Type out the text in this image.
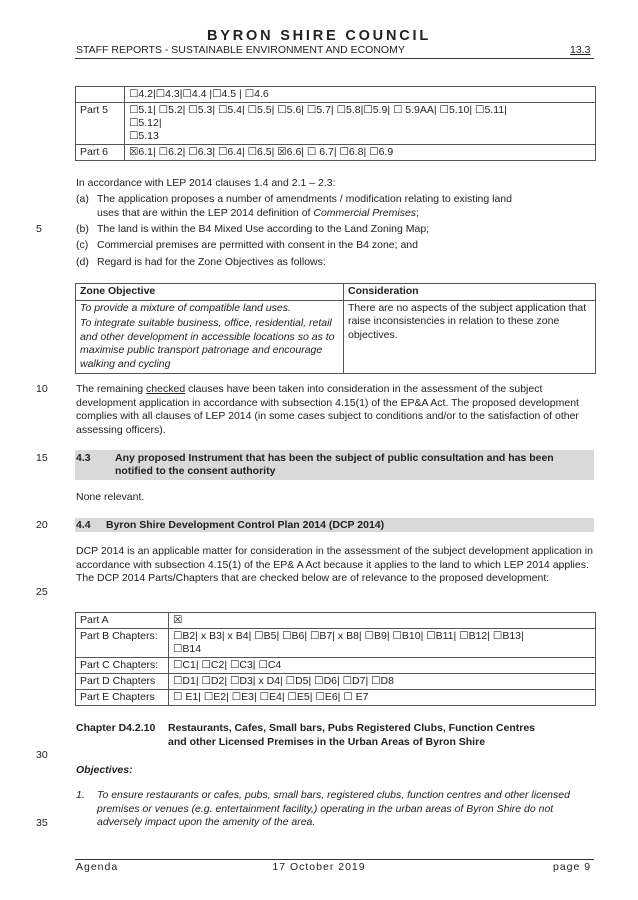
BYRON SHIRE COUNCIL
STAFF REPORTS - SUSTAINABLE ENVIRONMENT AND ECONOMY	13.3

	☐4.2|☐4.3|☐4.4 |☐4.5 | ☐4.6

Part 5	☐5.1| ☐5.2| ☐5.3| ☐5.4| ☐5.5| ☐5.6| ☐5.7| ☐5.8|☐5.9| ☐ 5.9AA| ☐5.10| ☐5.11|
☐5.12|
☐5.13

Part 6	☒6.1| ☐6.2| ☐6.3| ☐6.4| ☐6.5| ☒6.6| ☐ 6.7| ☐6.8| ☐6.9
In accordance with LEP 2014 clauses 1.4 and 2.1 – 2.3:
(a) The application proposes a number of amendments / modification relating to existing land
uses that are within the LEP 2014 definition of Commercial Premises;
(b) The land is within the B4 Mixed Use according to the Land Zoning Map;
(c) Commercial premises are permitted with consent in the B4 zone; and
(d) Regard is had for the Zone Objectives as follows:
Zone Objective	Consideration

To provide a mixture of compatible land uses.
To integrate suitable business, office, residential, retail and other development in accessible locations so as to maximise public transport patronage and encourage walking and cycling	There are no aspects of the subject application that raise inconsistencies in relation to these zone objectives.
The remaining checked clauses have been taken into consideration in the assessment of the subject development application in accordance with subsection 4.15(1) of the EP&A Act. The proposed development complies with all clauses of LEP 2014 (in some cases subject to conditions and/or to the satisfaction of other assessing officers).
4.3 Any proposed Instrument that has been the subject of public consultation and has been notified to the consent authority
None relevant.
4.4 Byron Shire Development Control Plan 2014 (DCP 2014)
DCP 2014 is an applicable matter for consideration in the assessment of the subject development application in accordance with subsection 4.15(1) of the EP& A Act because it applies to the land to which LEP 2014 applies. The DCP 2014 Parts/Chapters that are checked below are of relevance to the proposed development:
Part A	☒

Part B Chapters:	☐B2| x B3| x B4| ☐B5| ☐B6| ☐B7| x B8| ☐B9| ☐B10| ☐B11| ☐B12| ☐B13|
☐B14

Part C Chapters:	☐C1| ☐C2| ☐C3| ☐C4

Part D Chapters	☐D1| ☐D2| ☐D3| x D4| ☐D5| ☐D6| ☐D7| ☐D8

Part E Chapters	☐ E1| ☐E2| ☐E3| ☐E4| ☐E5| ☐E6| ☐ E7
Chapter D4.2.10 Restaurants, Cafes, Small bars, Pubs Registered Clubs, Function Centres
and other Licensed Premises in the Urban Areas of Byron Shire
Objectives:
1. To ensure restaurants or cafes, pubs, small bars, registered clubs, function centres and other licensed premises or venues (e.g. entertainment facility,) operating in the urban areas of Byron Shire do not adversely impact upon the amenity of the area.
5
10
15
20
25
30
35
Agenda	17 October 2019	page 9
